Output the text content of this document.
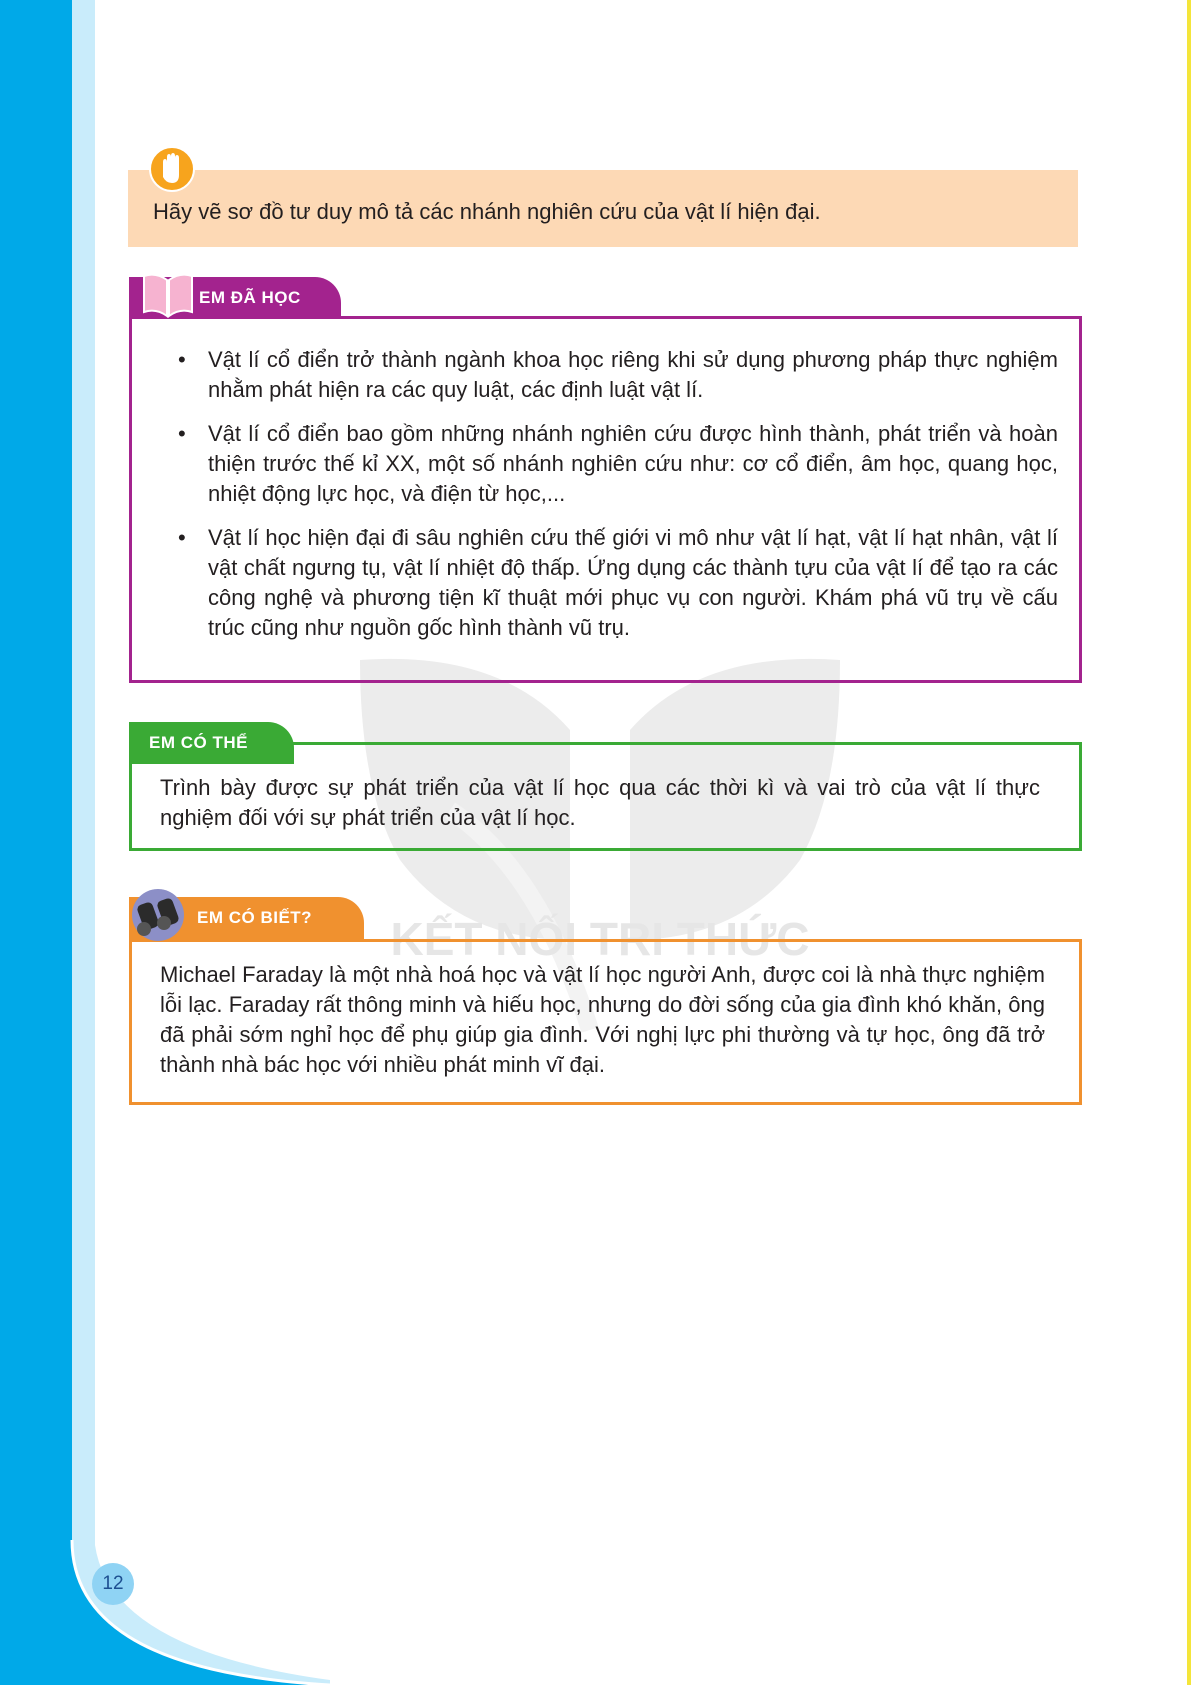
KẾT NỐI TRI THỨC
Hãy vẽ sơ đồ tư duy mô tả các nhánh nghiên cứu của vật lí hiện đại.
EM ĐÃ HỌC
• Vật lí cổ điển trở thành ngành khoa học riêng khi sử dụng phương pháp thực nghiệm nhằm phát hiện ra các quy luật, các định luật vật lí.
• Vật lí cổ điển bao gồm những nhánh nghiên cứu được hình thành, phát triển và hoàn thiện trước thế kỉ XX, một số nhánh nghiên cứu như: cơ cổ điển, âm học, quang học, nhiệt động lực học, và điện từ học,...
• Vật lí học hiện đại đi sâu nghiên cứu thế giới vi mô như vật lí hạt, vật lí hạt nhân, vật lí vật chất ngưng tụ, vật lí nhiệt độ thấp. Ứng dụng các thành tựu của vật lí để tạo ra các công nghệ và phương tiện kĩ thuật mới phục vụ con người. Khám phá vũ trụ về cấu trúc cũng như nguồn gốc hình thành vũ trụ.
EM CÓ THỂ
Trình bày được sự phát triển của vật lí học qua các thời kì và vai trò của vật lí thực nghiệm đối với sự phát triển của vật lí học.
EM CÓ BIẾT?
Michael Faraday là một nhà hoá học và vật lí học người Anh, được coi là nhà thực nghiệm lỗi lạc. Faraday rất thông minh và hiếu học, nhưng do đời sống của gia đình khó khăn, ông đã phải sớm nghỉ học để phụ giúp gia đình. Với nghị lực phi thường và tự học, ông đã trở thành nhà bác học với nhiều phát minh vĩ đại.
12
